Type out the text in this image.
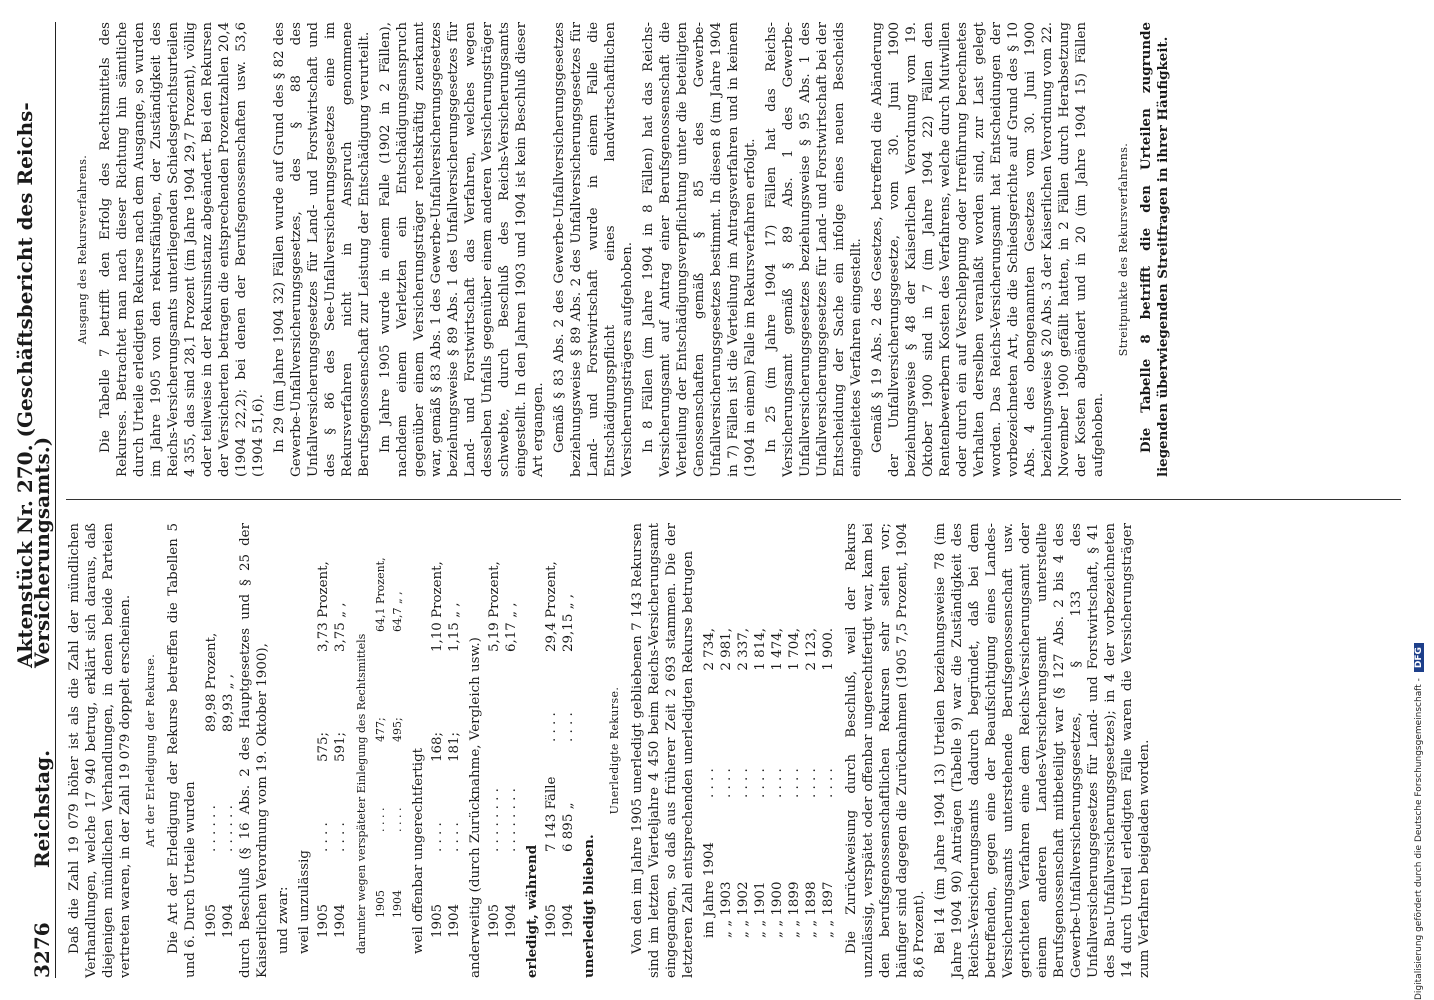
3276
Reichstag.
Aktenstück Nr. 270. (Geschäftsbericht des Reichs-Versicherungsamts.) Daß die Zahl 19 079 höher ist als die Zahl der mündlichen Verhandlungen, welche 17 940 betrug, erklärt sich daraus, daß diejenigen mündlichen Verhandlungen, in denen beide Parteien vertreten waren, in der Zahl 19 079 doppelt erscheinen. Art der Erledigung der Rekurse. Die Art der Erledigung der Rekurse betreffen die Tabellen 5 und 6. Durch Urteile wurden 1905
. . . . . .
89,98 Prozent,
1904
. . . . . .
89,93 „ , durch Beschluß (§ 16 Abs. 2 des Hauptgesetzes und § 25 der Kaiserlichen Verordnung vom 19. Oktober 1900), und zwar: weil unzulässig 1905
. . . .
575;
3,73 Prozent,
1904
. . . .
591;
3,75 „ ,
darunter wegen verspäteter Einlegung des Rechtsmittels 1905
. . . .
477;
64,1 Prozent,
1904
. . . .
495;
64,7 „ ,
weil offenbar ungerechtfertigt 1905
. . . .
168;
1,10 Prozent,
1904
. . . .
181;
1,15 „ ,
anderweitig (durch Zurücknahme, Vergleich usw.) 1905
. . . . . . . .
5,19 Prozent,
1904
. . . . . . . .
6,17 „ ,
erledigt, während 1905
7 143 Fälle
. . . .
29,4 Prozent,
1904
6 895 „
. . . .
29,15 „ ,
unerledigt blieben.
Unerledigte Rekurse. Von den im Jahre 1905 unerledigt gebliebenen 7 143 Rekursen sind im letzten Vierteljahre 4 450 beim Reichs-Versicherungsamt eingegangen, so daß aus früherer Zeit 2 693 stammen. Die der letzteren Zahl entsprechenden unerledigten Rekurse betrugen im Jahre 1904
. . . .
2 734,
„ „ 1903
. . . .
2 981,
„ „ 1902
. . . .
2 337,
„ „ 1901
. . . .
1 814,
„ „ 1900
. . . .
1 474,
„ „ 1899
. . . .
1 704,
„ „ 1898
. . . .
2 123,
„ „ 1897
. . . .
1 900. Die Zurückweisung durch Beschluß, weil der Rekurs unzulässig, verspätet oder offenbar ungerechtfertigt war, kam bei den berufsgenossenschaftlichen Rekursen sehr selten vor; häufiger sind dagegen die Zurücknahmen (1905 7,5 Prozent, 1904 8,6 Prozent). Bei 14 (im Jahre 1904 13) Urteilen beziehungsweise 78 (im Jahre 1904 90) Anträgen (Tabelle 9) war die Zuständigkeit des Reichs-Versicherungsamts dadurch begründet, daß bei dem betreffenden, gegen eine der Beaufsichtigung eines Landes-Versicherungsamts unterstehende Berufsgenossenschaft usw. gerichteten Verfahren eine dem Reichs-Versicherungsamt oder einem anderen Landes-Versicherungsamt unterstellte Berufsgenossenschaft mitbeteiligt war (§ 127 Abs. 2 bis 4 des Gewerbe-Unfallversicherungsgesetzes, § 133 des Unfallversicherungsgesetzes für Land- und Forstwirtschaft, § 41 des Bau-Unfallversicherungsgesetzes); in 4 der vorbezeichneten 14 durch Urteil erledigten Fälle waren die Versicherungsträger zum Verfahren beigeladen worden.

Ausgang des Rekursverfahrens. Die Tabelle 7 betrifft den Erfolg des Rechtsmittels des Rekurses. Betrachtet man nach dieser Richtung hin sämtliche durch Urteile erledigten Rekurse nach dem Ausgange, so wurden im Jahre 1905 von den rekursfähigen, der Zuständigkeit des Reichs-Versicherungsamts unterliegenden Schiedsgerichtsurteilen 4 355, das sind 28,1 Prozent (im Jahre 1904 29,7 Prozent), völlig oder teilweise in der Rekursinstanz abgeändert. Bei den Rekursen der Versicherten betragen die entsprechenden Prozentzahlen 20,4 (1904 22,2); bei denen der Berufsgenossenschaften usw. 53,6 (1904 51,6). In 29 (im Jahre 1904 32) Fällen wurde auf Grund des § 82 des Gewerbe-Unfallversicherungsgesetzes, des § 88 des Unfallversicherungsgesetzes für Land- und Forstwirtschaft und des § 86 des See-Unfallversicherungsgesetzes eine im Rekursverfahren nicht in Anspruch genommene Berufsgenossenschaft zur Leistung der Entschädigung verurteilt. Im Jahre 1905 wurde in einem Falle (1902 in 2 Fällen), nachdem einem Verletzten ein Entschädigungsanspruch gegenüber einem Versicherungsträger rechtskräftig zuerkannt war, gemäß § 83 Abs. 1 des Gewerbe-Unfallversicherungsgesetzes beziehungsweise § 89 Abs. 1 des Unfallversicherungsgesetzes für Land- und Forstwirtschaft das Verfahren, welches wegen desselben Unfalls gegenüber einem anderen Versicherungsträger schwebte, durch Beschluß des Reichs-Versicherungsamts eingestellt. In den Jahren 1903 und 1904 ist kein Beschluß dieser Art ergangen. Gemäß § 83 Abs. 2 des Gewerbe-Unfallversicherungsgesetzes beziehungsweise § 89 Abs. 2 des Unfallversicherungsgesetzes für Land- und Forstwirtschaft wurde in einem Falle die Entschädigungspflicht eines landwirtschaftlichen Versicherungsträgers aufgehoben. In 8 Fällen (im Jahre 1904 in 8 Fällen) hat das Reichs-Versicherungsamt auf Antrag einer Berufsgenossenschaft die Verteilung der Entschädigungsverpflichtung unter die beteiligten Genossenschaften gemäß § 85 des Gewerbe-Unfallversicherungsgesetzes bestimmt. In diesen 8 (im Jahre 1904 in 7) Fällen ist die Verteilung im Antragsverfahren und in keinem (1904 in einem) Falle im Rekursverfahren erfolgt. In 25 (im Jahre 1904 17) Fällen hat das Reichs-Versicherungsamt gemäß § 89 Abs. 1 des Gewerbe-Unfallversicherungsgesetzes beziehungsweise § 95 Abs. 1 des Unfallversicherungsgesetzes für Land- und Forstwirtschaft bei der Entscheidung der Sache ein infolge eines neuen Bescheids eingeleitetes Verfahren eingestellt. Gemäß § 19 Abs. 2 des Gesetzes, betreffend die Abänderung der Unfallversicherungsgesetze, vom 30. Juni 1900 beziehungsweise § 48 der Kaiserlichen Verordnung vom 19. Oktober 1900 sind in 7 (im Jahre 1904 22) Fällen den Rentenbewerbern Kosten des Verfahrens, welche durch Mutwillen oder durch ein auf Verschleppung oder Irreführung berechnetes Verhalten derselben veranlaßt worden sind, zur Last gelegt worden. Das Reichs-Versicherungsamt hat Entscheidungen der vorbezeichneten Art, die die Schiedsgerichte auf Grund des § 10 Abs. 4 des obengenannten Gesetzes vom 30. Juni 1900 beziehungsweise § 20 Abs. 3 der Kaiserlichen Verordnung vom 22. November 1900 gefällt hatten, in 2 Fällen durch Herabsetzung der Kosten abgeändert und in 20 (im Jahre 1904 15) Fällen aufgehoben.

Streitpunkte des Rekursverfahrens. Die Tabelle 8 betrifft die den Urteilen zugrunde liegenden überwiegenden Streitfragen in ihrer Häufigkeit.

Digitalisierung gefördert durch die Deutsche Forschungsgemeinschaft -DFG
